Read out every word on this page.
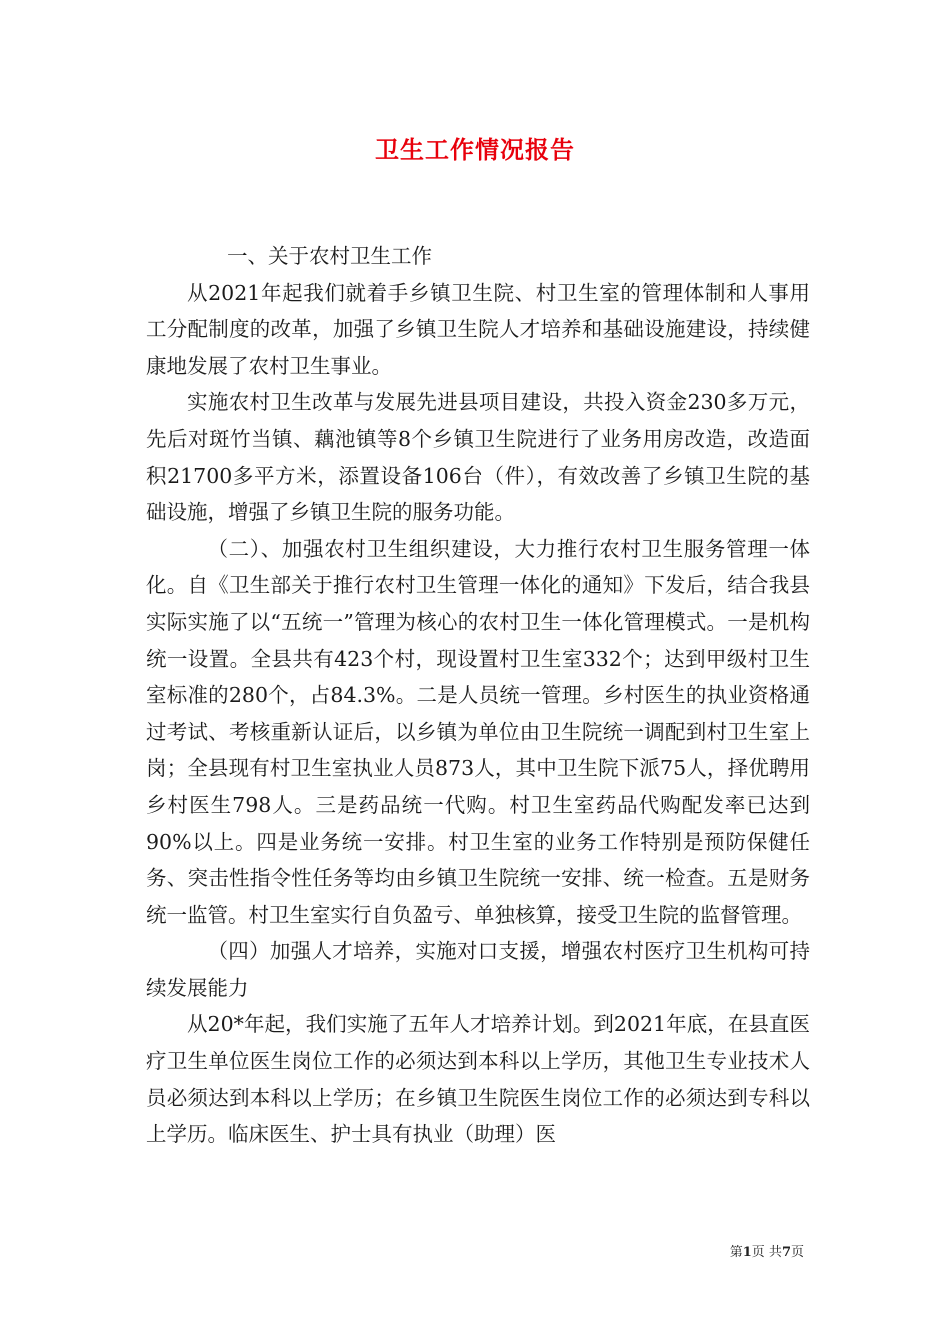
卫生工作情况报告

一、关于农村卫生工作

从2021年起我们就着手乡镇卫生院、村卫生室的管理体制和人事用工分配制度的改革，加强了乡镇卫生院人才培养和基础设施建设，持续健康地发展了农村卫生事业。

实施农村卫生改革与发展先进县项目建设，共投入资金230多万元，先后对斑竹当镇、藕池镇等8个乡镇卫生院进行了业务用房改造，改造面积21700多平方米，添置设备106台（件），有效改善了乡镇卫生院的基础设施，增强了乡镇卫生院的服务功能。

（二）、加强农村卫生组织建设，大力推行农村卫生服务管理一体化。自《卫生部关于推行农村卫生管理一体化的通知》下发后，结合我县实际实施了以“五统一”管理为核心的农村卫生一体化管理模式。一是机构统一设置。全县共有423个村，现设置村卫生室332个；达到甲级村卫生室标准的280个，占84.3%。二是人员统一管理。乡村医生的执业资格通过考试、考核重新认证后，以乡镇为单位由卫生院统一调配到村卫生室上岗；全县现有村卫生室执业人员873人，其中卫生院下派75人，择优聘用乡村医生798人。三是药品统一代购。村卫生室药品代购配发率已达到90%以上。四是业务统一安排。村卫生室的业务工作特别是预防保健任务、突击性指令性任务等均由乡镇卫生院统一安排、统一检查。五是财务统一监管。村卫生室实行自负盈亏、单独核算，接受卫生院的监督管理。

（四）加强人才培养，实施对口支援，增强农村医疗卫生机构可持续发展能力

从20*年起，我们实施了五年人才培养计划。到2021年底，在县直医疗卫生单位医生岗位工作的必须达到本科以上学历，其他卫生专业技术人员必须达到本科以上学历；在乡镇卫生院医生岗位工作的必须达到专科以上学历。临床医生、护士具有执业（助理）医

第1页 共7页
